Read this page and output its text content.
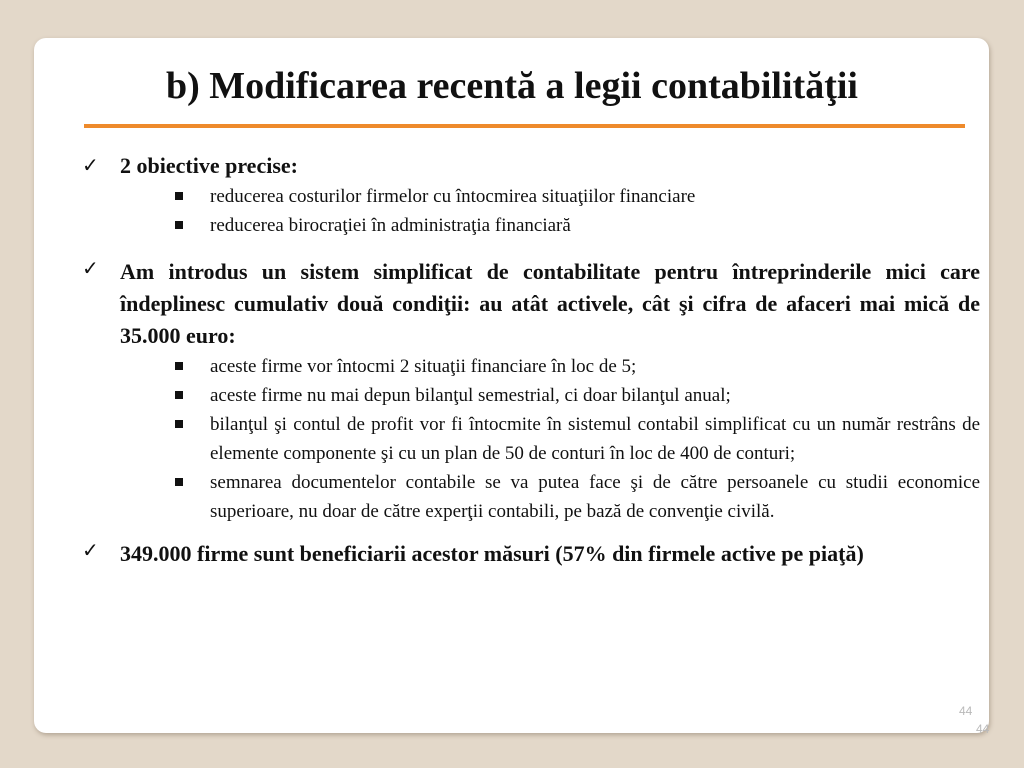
b) Modificarea recentă a legii contabilităţii
✓ 2 obiective precise:
reducerea costurilor firmelor cu întocmirea situaţiilor financiare
reducerea birocraţiei în administraţia financiară
✓ Am introdus un sistem simplificat de contabilitate pentru întreprinderile mici care îndeplinesc cumulativ două condiţii: au atât activele, cât şi cifra de afaceri mai mică de 35.000 euro:
aceste firme vor întocmi 2 situaţii financiare în loc de 5;
aceste firme nu mai depun bilanţul semestrial, ci doar bilanţul anual;
bilanţul şi contul de profit vor fi întocmite în sistemul contabil simplificat cu un număr restrâns de elemente componente şi cu un plan de 50 de conturi în loc de 400 de conturi;
semnarea documentelor contabile se va putea face şi de către persoanele cu studii economice superioare, nu doar de către experţii contabili, pe bază de convenţie civilă.
✓ 349.000 firme sunt beneficiarii acestor măsuri (57% din firmele active pe piaţă)
44
44
